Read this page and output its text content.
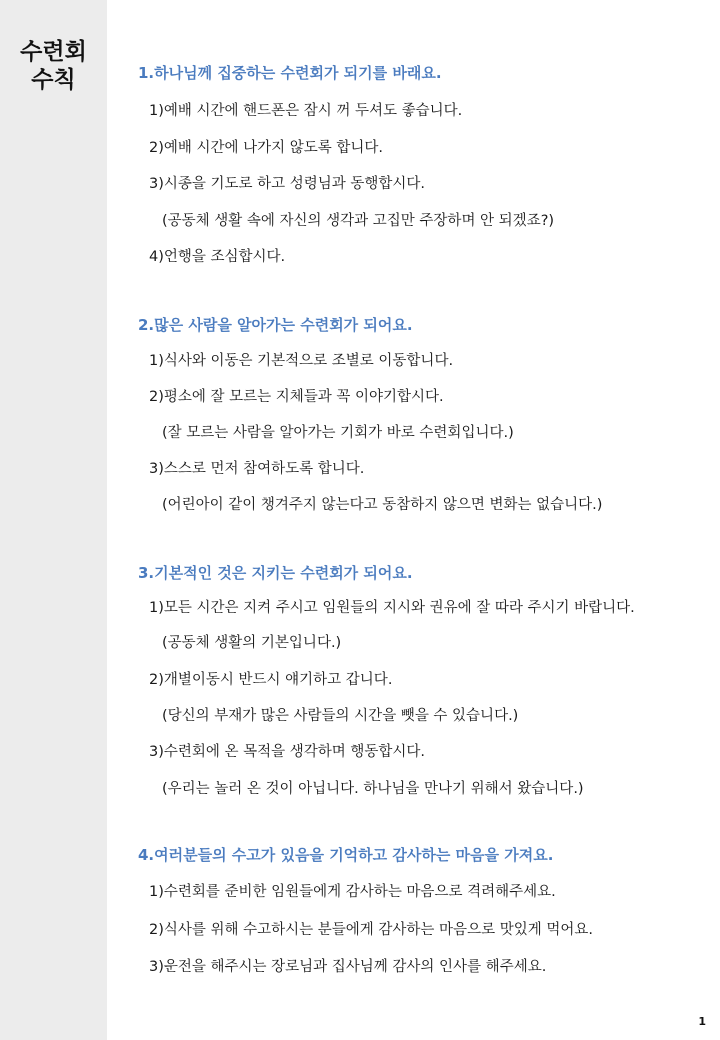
수련회
수칙	1.하나님께 집중하는 수련회가 되기를 바래요.

1)예배 시간에 핸드폰은 잠시 꺼 두셔도 좋습니다.

2)예배 시간에 나가지 않도록 합니다.

3)시종을 기도로 하고 성령님과 동행합시다.

(공동체 생활 속에 자신의 생각과 고집만 주장하며 안 되겠죠?)

4)언행을 조심합시다.

2.많은 사람을 알아가는 수련회가 되어요.

1)식사와 이동은 기본적으로 조별로 이동합니다.

2)평소에 잘 모르는 지체들과 꼭 이야기합시다.

(잘 모르는 사람을 알아가는 기회가 바로 수련회입니다.)

3)스스로 먼저 참여하도록 합니다.

(어린아이 같이 챙겨주지 않는다고 동참하지 않으면 변화는 없습니다.)

3.기본적인 것은 지키는 수련회가 되어요.

1)모든 시간은 지켜 주시고 임원들의 지시와 권유에 잘 따라 주시기 바랍니다.

(공동체 생활의 기본입니다.)

2)개별이동시 반드시 얘기하고 갑니다.

(당신의 부재가 많은 사람들의 시간을 뺏을 수 있습니다.)

3)수련회에 온 목적을 생각하며 행동합시다.

(우리는 놀러 온 것이 아닙니다. 하나님을 만나기 위해서 왔습니다.)

4.여러분들의 수고가 있음을 기억하고 감사하는 마음을 가져요.

1)수련회를 준비한 임원들에게 감사하는 마음으로 격려해주세요.

2)식사를 위해 수고하시는 분들에게 감사하는 마음으로 맛있게 먹어요.

3)운전을 해주시는 장로님과 집사님께 감사의 인사를 해주세요.

1
